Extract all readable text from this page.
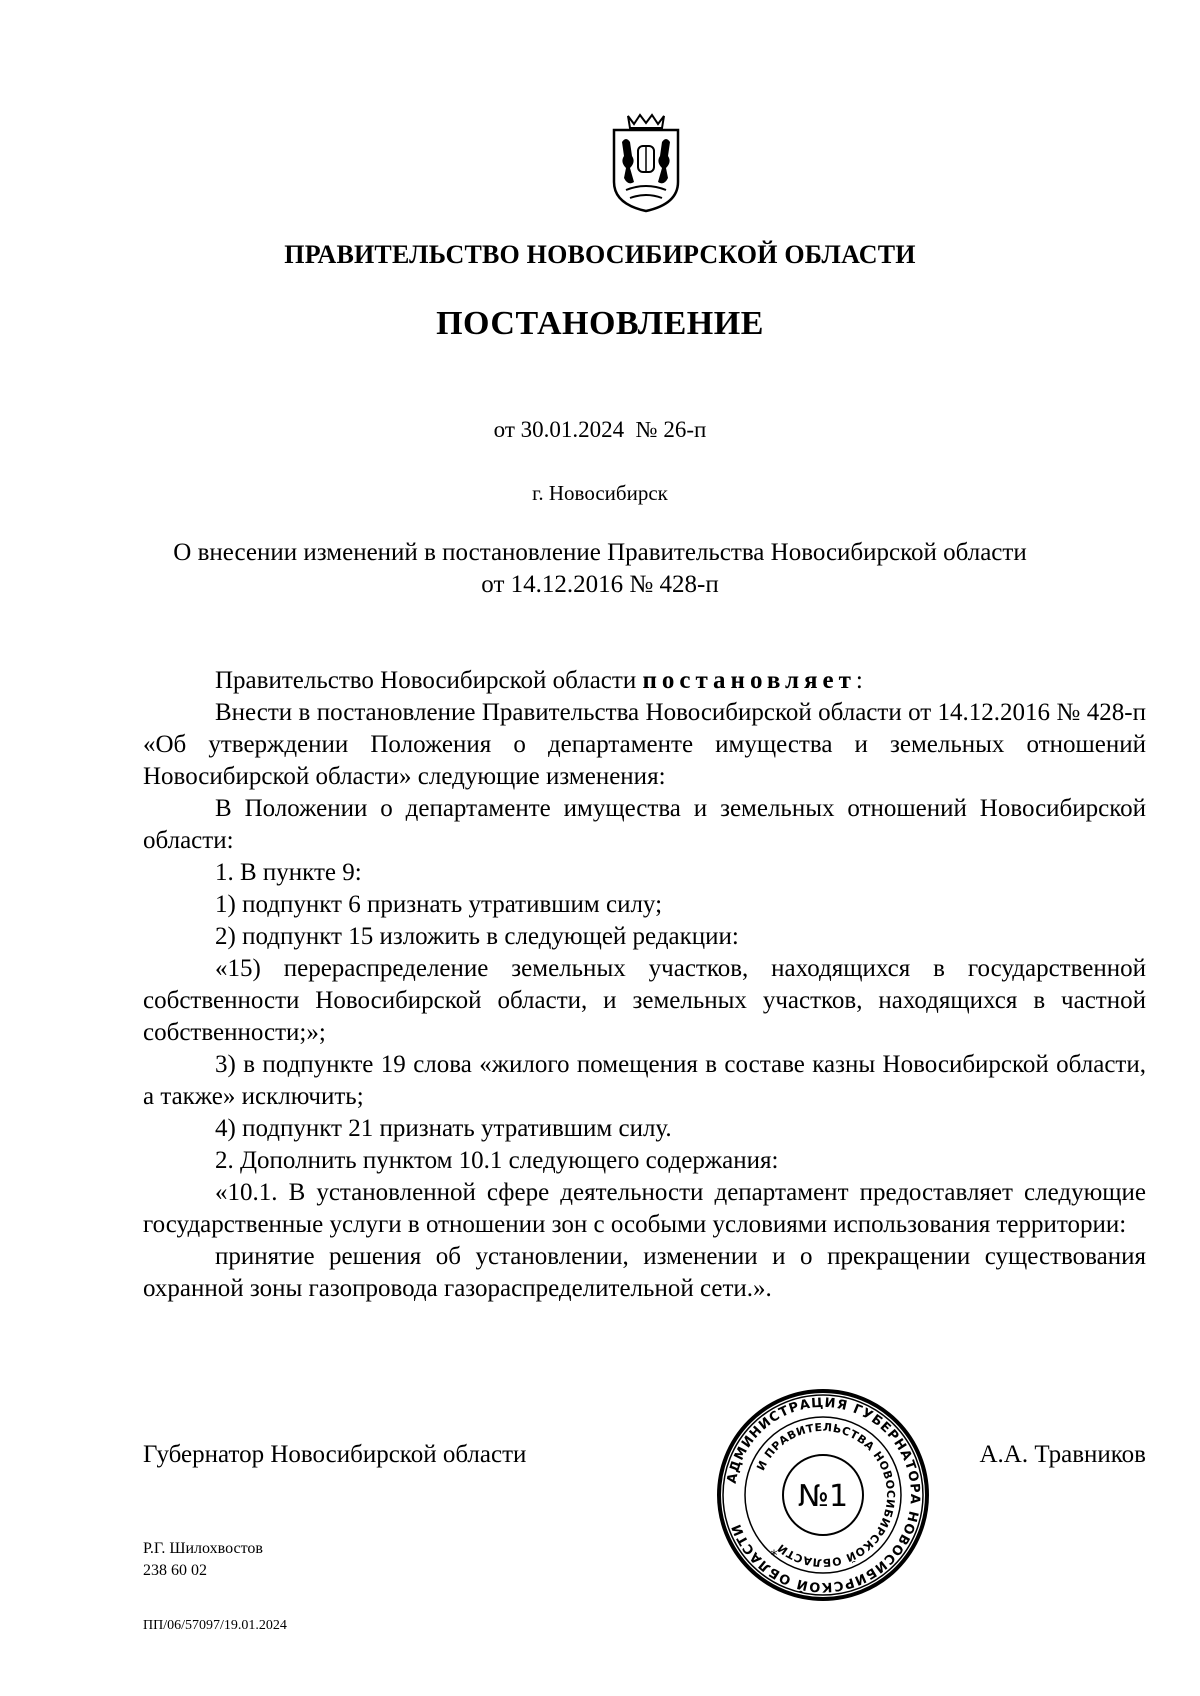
ПРАВИТЕЛЬСТВО НОВОСИБИРСКОЙ ОБЛАСТИ
ПОСТАНОВЛЕНИЕ
от 30.01.2024  № 26-п
г. Новосибирск
О внесении изменений в постановление Правительства Новосибирской области
от 14.12.2016 № 428-п

Правительство Новосибирской области постановляет:

Внести в постановление Правительства Новосибирской области от 14.12.2016 № 428-п «Об утверждении Положения о департаменте имущества и земельных отношений Новосибирской области» следующие изменения:

В Положении о департаменте имущества и земельных отношений Новосибирской области:

1. В пункте 9:

1) подпункт 6 признать утратившим силу;

2) подпункт 15 изложить в следующей редакции:

«15) перераспределение земельных участков, находящихся в государственной собственности Новосибирской области, и земельных участков, находящихся в частной собственности;»;

3) в подпункте 19 слова «жилого помещения в составе казны Новосибирской области, а также» исключить;

4) подпункт 21 признать утратившим силу.

2. Дополнить пунктом 10.1 следующего содержания:

«10.1. В установленной сфере деятельности департамент предоставляет следующие государственные услуги в отношении зон с особыми условиями использования территории:

принятие решения об установлении, изменении и о прекращении существования охранной зоны газопровода газораспределительной сети.».

Губернатор Новосибирской области	А.А. Травников
АДМИНИСТРАЦИЯ ГУБЕРНАТОРА НОВОСИБИРСКОЙ ОБЛАСТИ
И ПРАВИТЕЛЬСТВА НОВОСИБИРСКОЙ ОБЛАСТИ
№1
*
Р.Г. Шилохвостов
238 60 02
ПП/06/57097/19.01.2024
